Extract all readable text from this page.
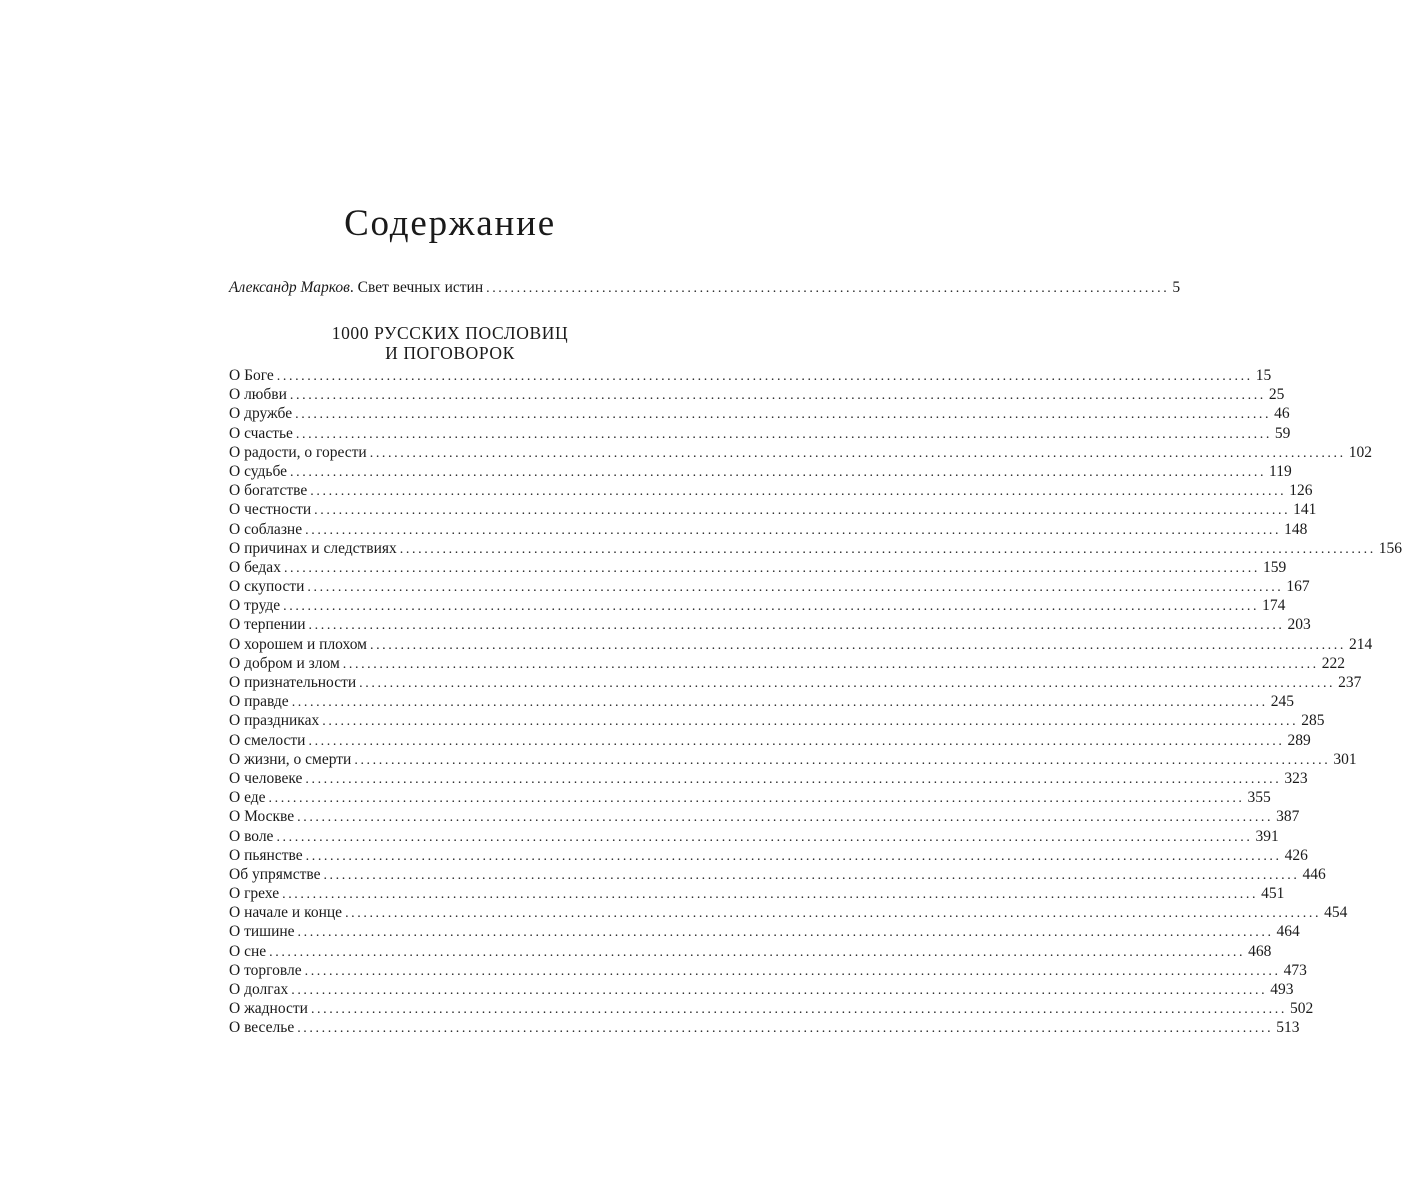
Содержание
Александр Марков. Свет вечных истин ................................................................................................................ 5
1000 РУССКИХ ПОСЛОВИЦ
И ПОГОВОРОК
О Боге ................................................................................................................................................................ 15
О любви ................................................................................................................................................................ 25
О дружбе ................................................................................................................................................................ 46
О счастье ................................................................................................................................................................ 59
О радости, о горести ................................................................................................................................................................ 102
О судьбе ................................................................................................................................................................ 119
О богатстве ................................................................................................................................................................ 126
О честности ................................................................................................................................................................ 141
О соблазне ................................................................................................................................................................ 148
О причинах и следствиях ................................................................................................................................................................ 156
О бедах ................................................................................................................................................................ 159
О скупости ................................................................................................................................................................ 167
О труде ................................................................................................................................................................ 174
О терпении ................................................................................................................................................................ 203
О хорошем и плохом ................................................................................................................................................................ 214
О добром и злом ................................................................................................................................................................ 222
О признательности ................................................................................................................................................................ 237
О правде ................................................................................................................................................................ 245
О праздниках ................................................................................................................................................................ 285
О смелости ................................................................................................................................................................ 289
О жизни, о смерти ................................................................................................................................................................ 301
О человеке ................................................................................................................................................................ 323
О еде ................................................................................................................................................................ 355
О Москве ................................................................................................................................................................ 387
О воле ................................................................................................................................................................ 391
О пьянстве ................................................................................................................................................................ 426
Об упрямстве ................................................................................................................................................................ 446
О грехе ................................................................................................................................................................ 451
О начале и конце ................................................................................................................................................................ 454
О тишине ................................................................................................................................................................ 464
О сне ................................................................................................................................................................ 468
О торговле ................................................................................................................................................................ 473
О долгах ................................................................................................................................................................ 493
О жадности ................................................................................................................................................................ 502
О веселье ................................................................................................................................................................ 513
